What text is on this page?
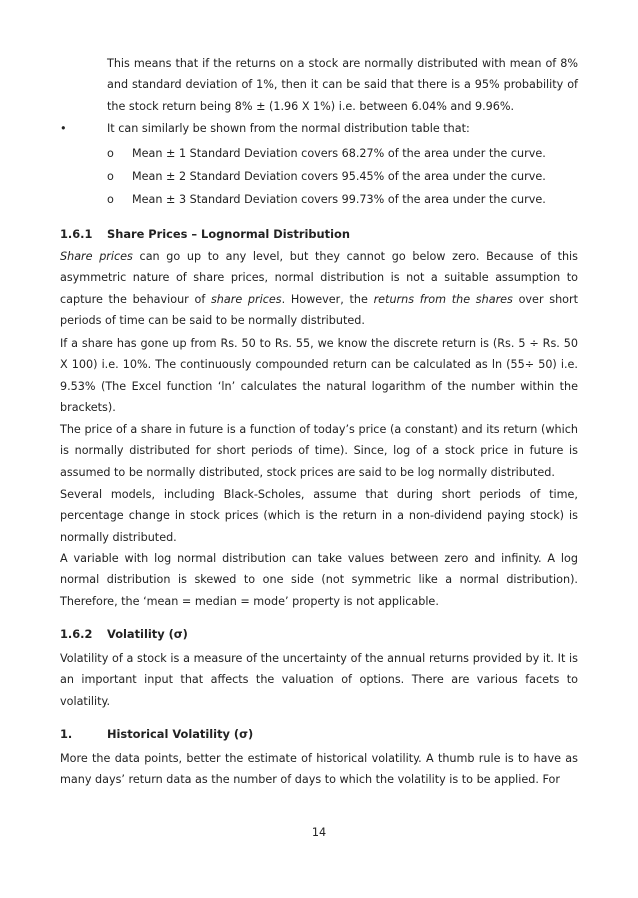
This means that if the returns on a stock are normally distributed with mean of 8% and standard deviation of 1%, then it can be said that there is a 95% probability of the stock return being 8% ± (1.96 X 1%) i.e. between 6.04% and 9.96%.

•	It can similarly be shown from the normal distribution table that:

o Mean ± 1 Standard Deviation covers 68.27% of the area under the curve.
o Mean ± 2 Standard Deviation covers 95.45% of the area under the curve.
o Mean ± 3 Standard Deviation covers 99.73% of the area under the curve.
1.6.1 Share Prices – Lognormal Distribution

Share prices can go up to any level, but they cannot go below zero. Because of this asymmetric nature of share prices, normal distribution is not a suitable assumption to capture the behaviour of share prices. However, the returns from the shares over short periods of time can be said to be normally distributed.

If a share has gone up from Rs. 50 to Rs. 55, we know the discrete return is (Rs. 5 ÷ Rs. 50 X 100) i.e. 10%. The continuously compounded return can be calculated as ln (55÷ 50) i.e. 9.53% (The Excel function ‘ln’ calculates the natural logarithm of the number within the brackets).

The price of a share in future is a function of today’s price (a constant) and its return (which is normally distributed for short periods of time). Since, log of a stock price in future is assumed to be normally distributed, stock prices are said to be log normally distributed.

Several models, including Black-Scholes, assume that during short periods of time, percentage change in stock prices (which is the return in a non-dividend paying stock) is normally distributed.

A variable with log normal distribution can take values between zero and infinity. A log normal distribution is skewed to one side (not symmetric like a normal distribution). Therefore, the ‘mean = median = mode’ property is not applicable.

1.6.2 Volatility (σ)

Volatility of a stock is a measure of the uncertainty of the annual returns provided by it. It is an important input that affects the valuation of options. There are various facets to volatility.

1.	Historical Volatility (σ)

More the data points, better the estimate of historical volatility. A thumb rule is to have as many days’ return data as the number of days to which the volatility is to be applied. For

14
